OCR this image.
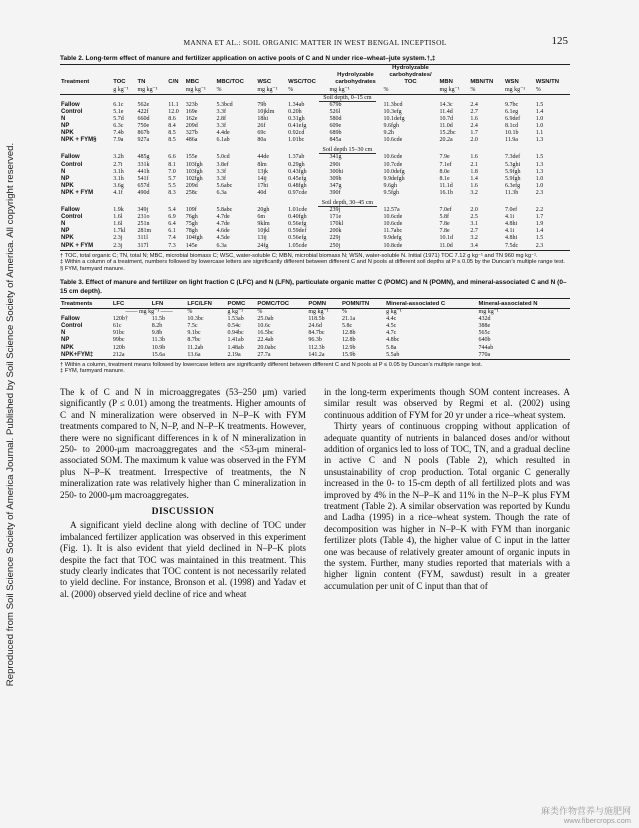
Reproduced from Soil Science Society of America Journal. Published by Soil Science Society of America. All copyright reserved.
MANNA ET AL.: SOIL ORGANIC MATTER IN WEST BENGAL INCEPTISOL	125

Table 2. Long-term effect of manure and fertilizer application on active pools of C and N under rice–wheat–jute system.†,‡

Treatment	TOC	TN	C/N	MBC	MBC/TOC	WSC	WSC/TOC	Hydrolyzable carbohydrates	Hydrolyzable carbohydrates/ TOC	MBN	MBN/TN	WSN	WSN/TN
	g kg⁻¹	mg kg⁻¹		mg kg⁻¹	%	mg kg⁻¹	%	mg kg⁻¹	%	mg kg⁻¹	%	mg kg⁻¹	%
						Soil depth, 0–15 cm							
Fallow	6.1c	562e	11.1	323b	5.3bcd	79b	1.34ab	679b	11.3bcd	14.3c	2.4	9.7bc	1.5
Control	5.1e	422f	12.0	169e	3.3f	10jklm	0.20h	526l	10.3efg	11.4d	2.7	6.1eg	1.4
N	5.7d	660d	8.6	162e	2.8f	18hi	0.31gh	580d	10.1defg	10.7d	1.6	6.9def	1.0
NP	6.3c	750e	8.4	209d	3.3f	26f	0.41efg	609e	9.6fgh	11.0d	2.4	8.1cd	1.0
NPK	7.4b	867b	8.5	327b	4.4de	69c	0.92cd	689b	9.2h	15.2bc	1.7	10.1b	1.1
NPK + FYM§	7.9a	927a	8.5	486a	6.1ab	80a	1.01bc	845a	10.6cde	20.2a	2.0	11.9a	1.3

						Soil depth 15–30 cm							
Fallow	3.2h	485g	6.6	155e	5.0cd	44de	1.37ab	341g	10.6cde	7.9e	1.6	7.3def	1.5
Control	2.7i	331k	8.1	103fgh	3.8ef	8lm	0.29gh	290i	10.7cde	7.1ef	2.1	5.3ghi	1.3
N	3.1h	441h	7.0	103fgh	3.3f	13jk	0.43fgh	300hi	10.0defg	8.0e	1.8	5.9fgh	1.3
NP	3.1h	541f	5.7	102fgh	3.3f	14ij	0.45efg	309h	9.9defgh	8.1e	1.4	5.9fgh	1.0
NPK	3.6g	657d	5.5	209d	5.6abc	17hi	0.48fgh	347g	9.6gh	11.1d	1.6	6.3efg	1.0
NPK + FYM	4.1f	490d	8.3	258c	6.3a	40d	0.97cde	390f	9.5fgh	16.1b	3.2	11.3b	2.3

						Soil depth, 30–45 cm							
Fallow	1.9k	349j	5.4	109f	5.8abc	20gh	1.01cde	239j	12.57a	7.0ef	2.0	7.0ef	2.2
Control	1.6l	231o	6.9	76gh	4.7de	6m	0.40fgh	171e	10.6cde	5.8f	2.5	4.1i	1.7
N	1.6l	251n	6.4	75gh	4.7de	9klm	0.56efg	170kl	10.6cde	7.8e	3.1	4.8hi	1.9
NP	1.7kl	281m	6.1	78gh	4.6de	10jkl	0.59def	200k	11.7abc	7.8e	2.7	4.1i	1.4
NPK	2.3j	311l	7.4	104fgh	4.5de	13ij	0.56efg	229j	9.9defg	10.1d	3.2	4.8hi	1.5
NPK + FYM	2.3j	317l	7.3	145e	6.3a	24fg	1.05cde	250j	10.8cde	11.0d	3.4	7.5dc	2.3

† TOC, total organic C; TN, total N; MBC, microbial biomass C; WSC, water-soluble C; MBN, microbial biomass N; WSN, water-soluble N. Initial (1971) TOC 7.12 g kg⁻¹ and TN 960 mg kg⁻¹.

‡ Within a column of a treatment, numbers followed by lowercase letters are significantly different between different C and N pools at different soil depths at P ≤ 0.05 by the Duncan’s multiple range test.

§ FYM, farmyard manure.

Table 3. Effect of manure and fertilizer on light fraction C (LFC) and N (LFN), particulate organic matter C (POMC) and N (POMN), and mineral-associated C and N (0–15 cm depth).

Treatments	LFC	LFN	LFC/LFN	POMC	POMC/TOC	POMN	POMN/TN	Mineral-associated C	Mineral-associated N
	—— mg kg⁻¹ ——		%	g kg⁻¹	%	mg kg⁻¹	%	g kg⁻¹	mg kg⁻¹
Fallow	120b†	11.5b	10.3bc	1.53ab	25.0ab	118.5b	21.1a	4.4c	432d
Control	61c	8.2b	7.5c	0.54c	10.6c	24.6d	5.8c	4.5c	388e
N	91bc	9.8b	9.1bc	0.94bc	16.5bc	84.7bc	12.8b	4.7c	565c
NP	99bc	11.3b	8.7bc	1.41ab	22.4ab	96.3b	12.8b	4.8bc	640b
NPK	120b	10.9b	11.2ab	1.48ab	20.0abc	112.3b	12.9b	5.8a	744ab
NPK+FYM‡	212a	15.6a	13.6a	2.19a	27.7a	141.2a	15.9b	5.5ab	770a

† Within a column, treatment means followed by lowercase letters are significantly different between different C and N pools at P ≤ 0.05 by Duncan’s multiple range test.

‡ FYM, farmyard manure.

The k of C and N in microaggregates (53–250 μm) varied significantly (P ≤ 0.01) among the treatments. Higher amounts of C and N mineralization were observed in N–P–K with FYM treatments compared to N, N–P, and N–P–K treatments. However, there were no significant differences in k of N mineralization in 250- to 2000-μm macroaggregates and the <53-μm mineral-associated SOM. The maximum k value was observed in the FYM plus N–P–K treatment. Irrespective of treatments, the N mineralization rate was relatively higher than C mineralization in 250- to 2000-μm macroaggregates.

DISCUSSION

A significant yield decline along with decline of TOC under imbalanced fertilizer application was observed in this experiment (Fig. 1). It is also evident that yield declined in N–P–K plots despite the fact that TOC was maintained in this treatment. This study clearly indicates that TOC content is not necessarily related to yield decline. For instance, Bronson et al. (1998) and Yadav et al. (2000) observed yield decline of rice and wheat

in the long-term experiments though SOM content increases. A similar result was observed by Regmi et al. (2002) using continuous addition of FYM for 20 yr under a rice–wheat system.

Thirty years of continuous cropping without application of adequate quantity of nutrients in balanced doses and/or without addition of organics led to loss of TOC, TN, and a gradual decline in active C and N pools (Table 2), which resulted in unsustainability of crop production. Total organic C generally increased in the 0- to 15-cm depth of all fertilized plots and was improved by 4% in the N–P–K and 11% in the N–P–K plus FYM treatment (Table 2). A similar observation was reported by Kundu and Ladha (1995) in a rice–wheat system. Though the rate of decomposition was higher in N–P–K with FYM than inorganic fertilizer plots (Table 4), the higher value of C input in the latter one was because of relatively greater amount of organic inputs in the system. Further, many studies reported that materials with a higher lignin content (FYM, sawdust) result in a greater accumulation per unit of C input than that of

麻类作物营养与施肥网
www.fibercrops.com
